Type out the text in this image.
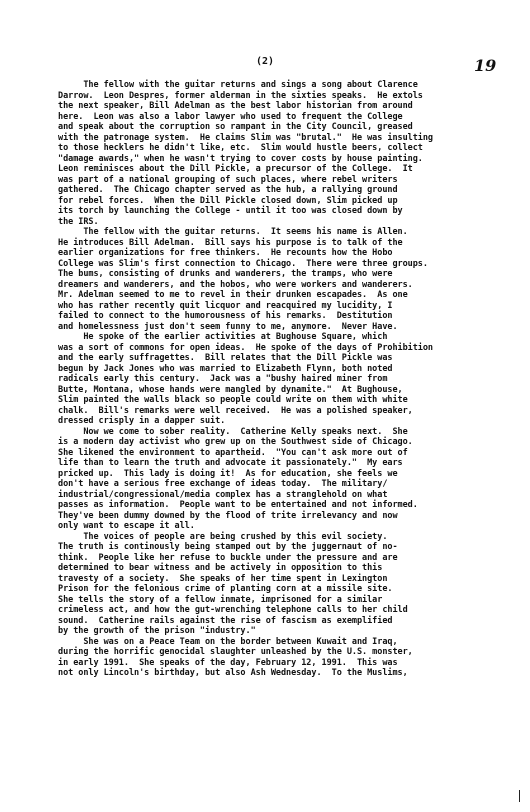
(2)	19
The fellow with the guitar returns and sings a song about Clarence
Darrow.  Leon Despres, former alderman in the sixties speaks.  He extols
the next speaker, Bill Adelman as the best labor historian from around
here.  Leon was also a labor lawyer who used to frequent the College
and speak about the corruption so rampant in the City Council, greased
with the patronage system.  He claims Slim was "brutal."  He was insulting
to those hecklers he didn't like, etc.  Slim would hustle beers, collect
"damage awards," when he wasn't trying to cover costs by house painting.
Leon reminisces about the Dill Pickle, a precursor of the College.  It
was part of a national grouping of such places, where rebel writers
gathered.  The Chicago chapter served as the hub, a rallying ground
for rebel forces.  When the Dill Pickle closed down, Slim picked up
its torch by launching the College - until it too was closed down by
the IRS.
The fellow with the guitar returns.  It seems his name is Allen.
He introduces Bill Adelman.  Bill says his purpose is to talk of the
earlier organizations for free thinkers.  He recounts how the Hobo
College was Slim's first connection to Chicago.  There were three groups.
The bums, consisting of drunks and wanderers, the tramps, who were
dreamers and wanderers, and the hobos, who were workers and wanderers.
Mr. Adelman seemed to me to revel in their drunken escapades.  As one
who has rather recently quit licquor and reacquired my lucidity, I
failed to connect to the humorousness of his remarks.  Destitution
and homelessness just don't seem funny to me, anymore.  Never Have.
He spoke of the earlier activities at Bughouse Square, which
was a sort of commons for open ideas.  He spoke of the days of Prohibition
and the early suffragettes.  Bill relates that the Dill Pickle was
begun by Jack Jones who was married to Elizabeth Flynn, both noted
radicals early this century.  Jack was a "bushy haired miner from
Butte, Montana, whose hands were mangled by dynamite."  At Bughouse,
Slim painted the walls black so people could write on them with white
chalk.  Bill's remarks were well received.  He was a polished speaker,
dressed crisply in a dapper suit.
Now we come to sober reality.  Catherine Kelly speaks next.  She
is a modern day activist who grew up on the Southwest side of Chicago.
She likened the environment to apartheid.  "You can't ask more out of
life than to learn the truth and advocate it passionately."  My ears
pricked up.  This lady is doing it!  As for education, she feels we
don't have a serious free exchange of ideas today.  The military/
industrial/congressional/media complex has a stranglehold on what
passes as information.  People want to be entertained and not informed.
They've been dummy downed by the flood of trite irrelevancy and now
only want to escape it all.
The voices of people are being crushed by this evil society.
The truth is continously being stamped out by the juggernaut of no-
think.  People like her refuse to buckle under the pressure and are
determined to bear witness and be actively in opposition to this
travesty of a society.  She speaks of her time spent in Lexington
Prison for the felonious crime of planting corn at a missile site.
She tells the story of a fellow inmate, imprisoned for a similar
crimeless act, and how the gut-wrenching telephone calls to her child
sound.  Catherine rails against the rise of fascism as exemplified
by the growth of the prison "industry."
She was on a Peace Team on the border between Kuwait and Iraq,
during the horrific genocidal slaughter unleashed by the U.S. monster,
in early 1991.  She speaks of the day, February 12, 1991.  This was
not only Lincoln's birthday, but also Ash Wednesday.  To the Muslims,
